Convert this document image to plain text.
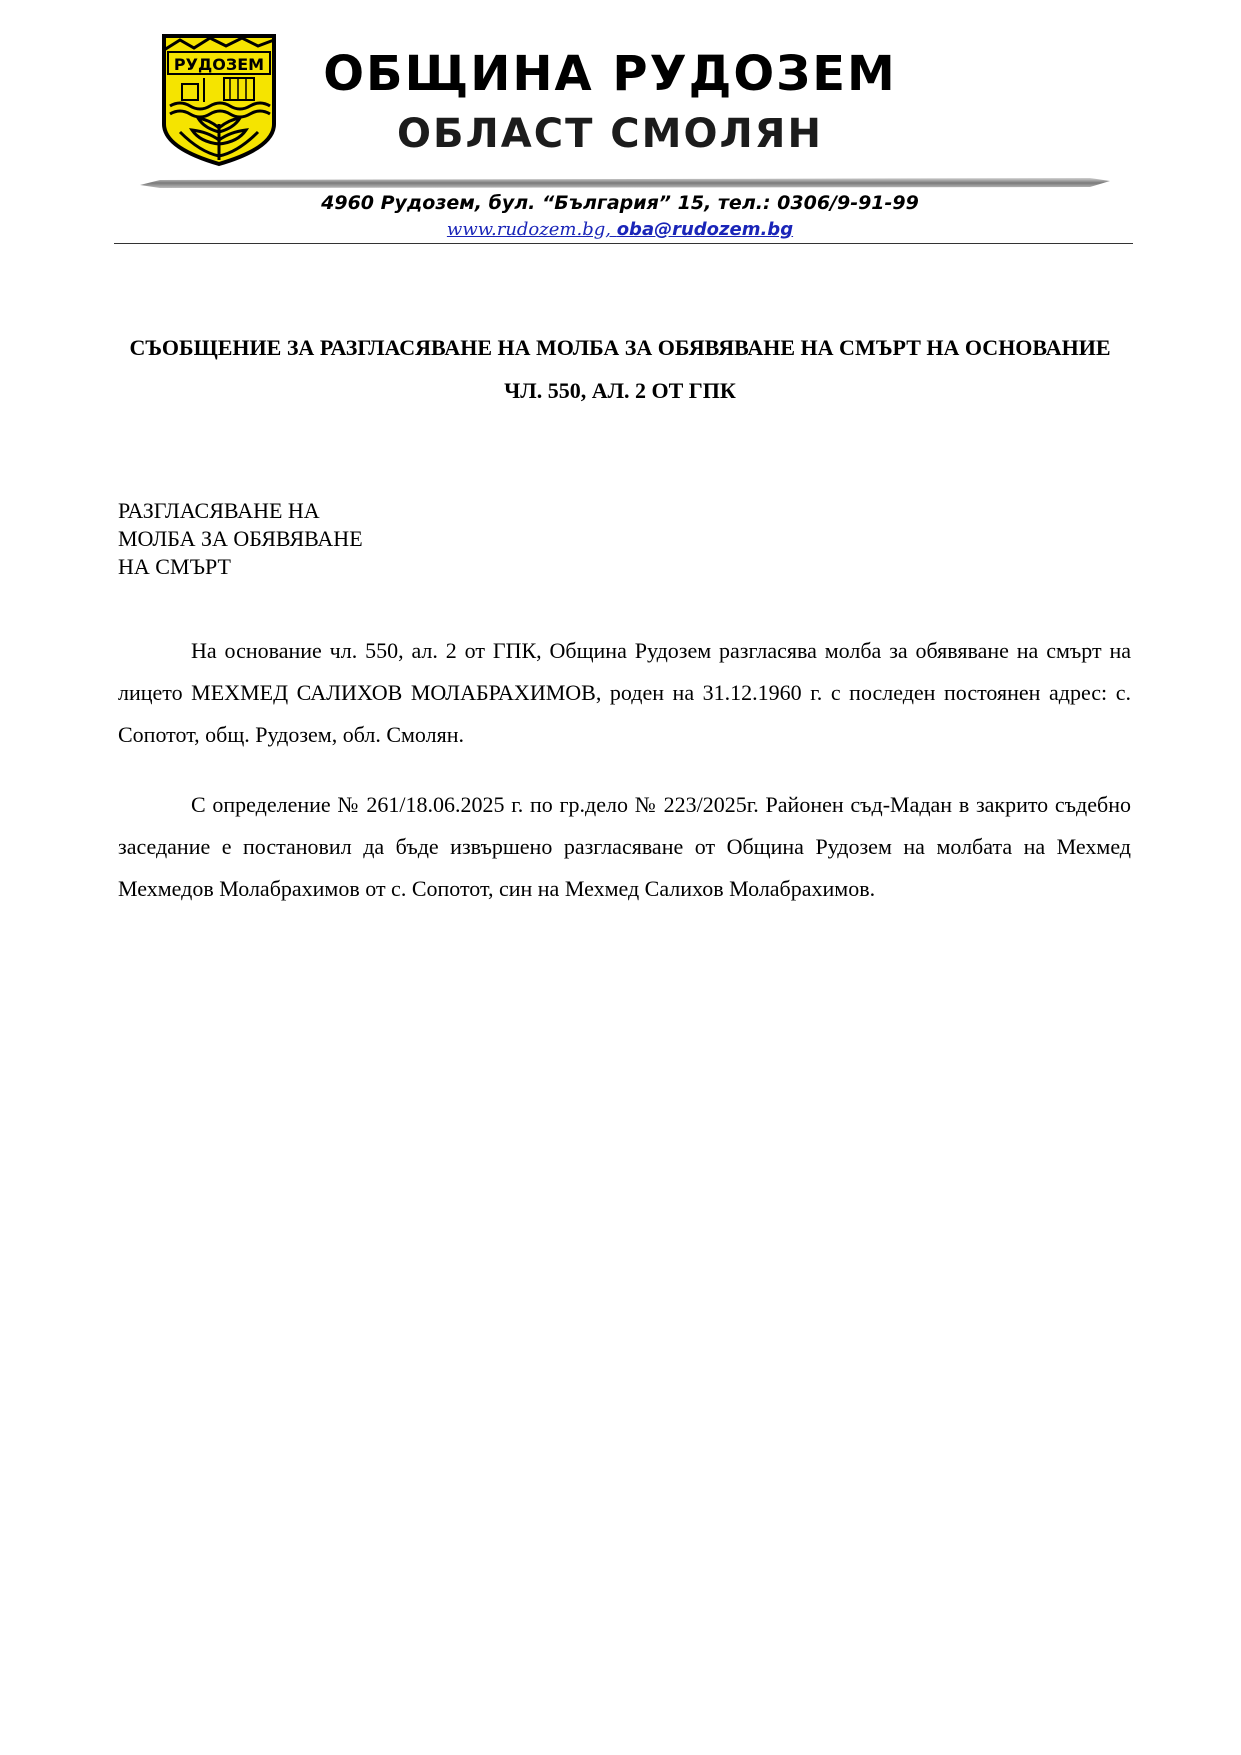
РУДОЗЕМ	ОБЩИНА РУДОЗЕМ
ОБЛАСТ СМОЛЯН
4960 Рудозем, бул. “България” 15, тел.: 0306/9-91-99
www.rudozem.bg, oba@rudozem.bg
СЪОБЩЕНИЕ ЗА РАЗГЛАСЯВАНЕ НА МОЛБА ЗА ОБЯВЯВАНЕ НА СМЪРТ НА ОСНОВАНИЕ ЧЛ. 550, АЛ. 2 ОТ ГПК
РАЗГЛАСЯВАНЕ НА
МОЛБА ЗА ОБЯВЯВАНЕ
НА СМЪРТ

На основание чл. 550, ал. 2 от ГПК, Община Рудозем разгласява молба за обявяване на смърт на лицето МЕХМЕД САЛИХОВ МОЛАБРАХИМОВ, роден на 31.12.1960 г. с последен постоянен адрес: с. Сопотот, общ. Рудозем, обл. Смолян.

С определение № 261/18.06.2025 г. по гр.дело № 223/2025г. Районен съд-Мадан в закрито съдебно заседание е постановил да бъде извършено разгласяване от Община Рудозем на молбата на Мехмед Мехмедов Молабрахимов от с. Сопотот, син на Мехмед Салихов Молабрахимов.
